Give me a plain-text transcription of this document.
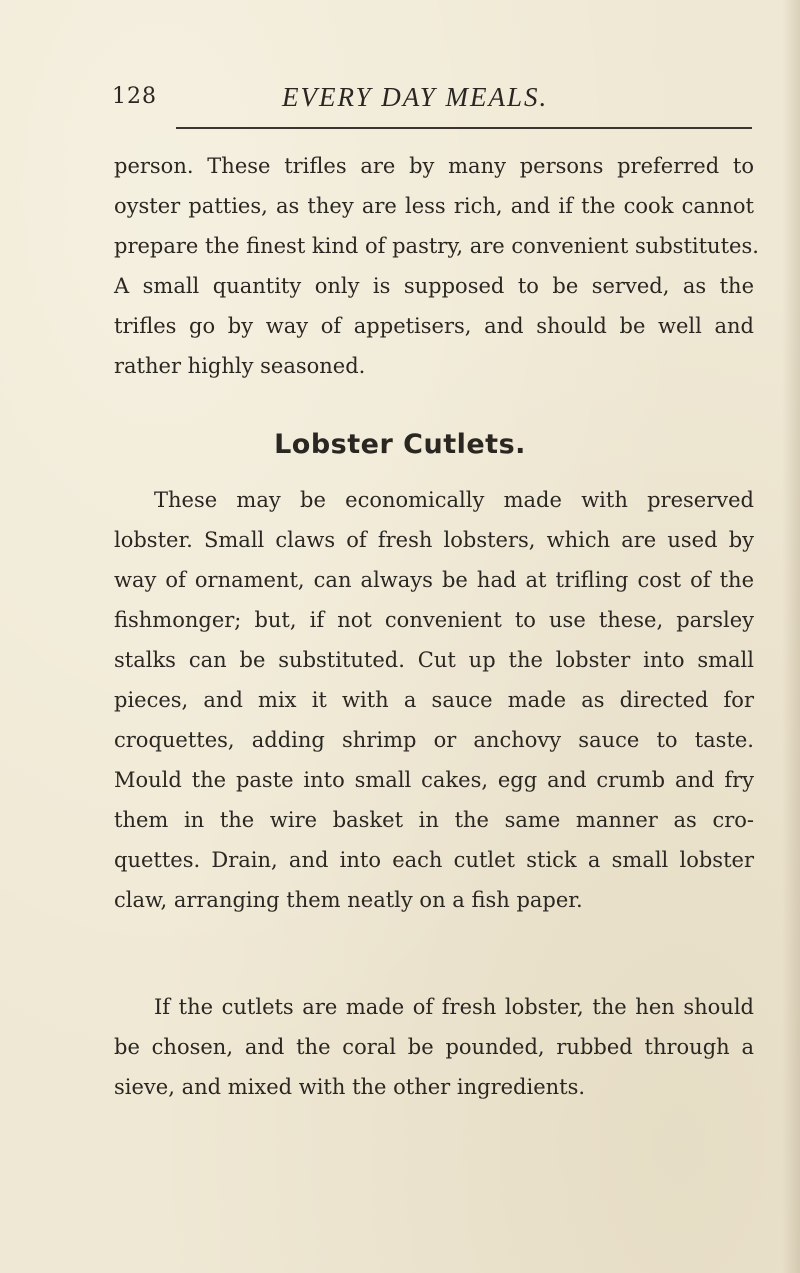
128	EVERY DAY MEALS.
person. These trifles are by many persons preferred to
oyster patties, as they are less rich, and if the cook cannot
prepare the finest kind of pastry, are convenient substitutes.
A small quantity only is supposed to be served, as the
trifles go by way of appetisers, and should be well and
rather highly seasoned.
Lobster Cutlets.
These may be economically made with preserved
lobster. Small claws of fresh lobsters, which are used by
way of ornament, can always be had at trifling cost of the
fishmonger; but, if not convenient to use these, parsley
stalks can be substituted. Cut up the lobster into small
pieces, and mix it with a sauce made as directed for
croquettes, adding shrimp or anchovy sauce to taste.
Mould the paste into small cakes, egg and crumb and fry
them in the wire basket in the same manner as cro-
quettes. Drain, and into each cutlet stick a small lobster
claw, arranging them neatly on a fish paper.
If the cutlets are made of fresh lobster, the hen should
be chosen, and the coral be pounded, rubbed through a
sieve, and mixed with the other ingredients.
